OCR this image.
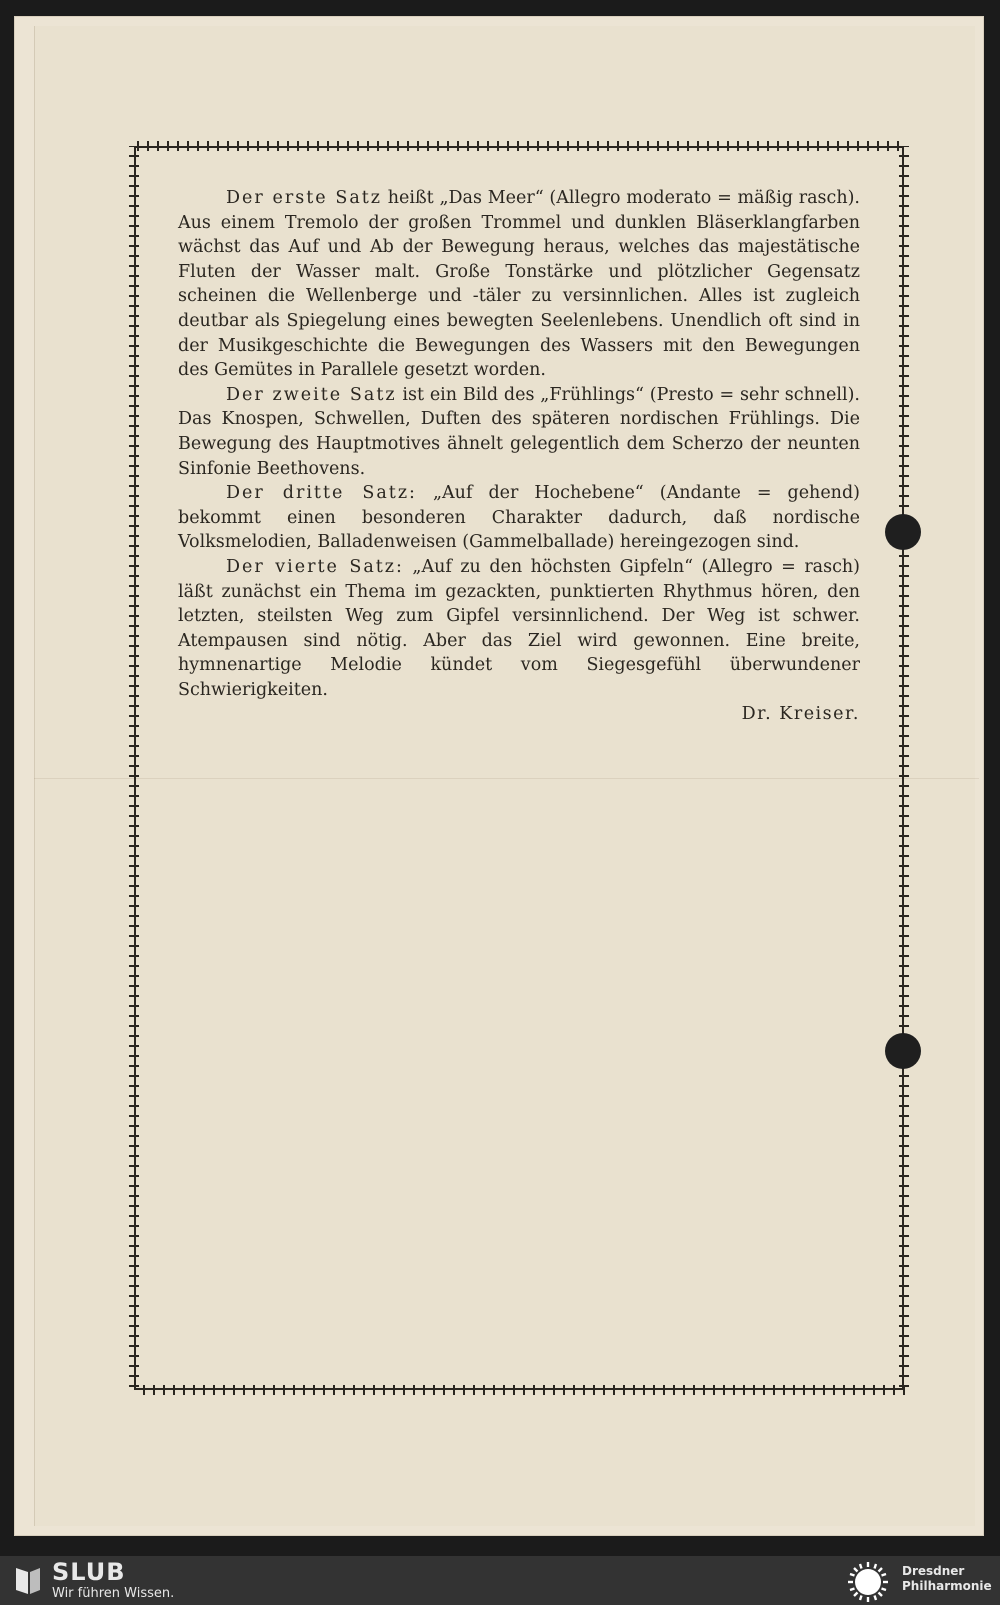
Der erste Satz heißt „Das Meer“ (Allegro moderato = mäßig rasch). Aus einem Tremolo der großen Trommel und dunklen Bläserklangfarben wächst das Auf und Ab der Bewegung heraus, welches das majestätische Fluten der Wasser malt. Große Tonstärke und plötzlicher Gegensatz scheinen die Wellenberge und -täler zu versinnlichen. Alles ist zugleich deutbar als Spiegelung eines bewegten Seelenlebens. Unendlich oft sind in der Musikgeschichte die Bewegungen des Wassers mit den Bewegungen des Gemütes in Parallele gesetzt worden.

Der zweite Satz ist ein Bild des „Frühlings“ (Presto = sehr schnell). Das Knospen, Schwellen, Duften des späteren nordischen Frühlings. Die Bewegung des Hauptmotives ähnelt gelegentlich dem Scherzo der neunten Sinfonie Beethovens.

Der dritte Satz: „Auf der Hochebene“ (Andante = gehend) bekommt einen besonderen Charakter dadurch, daß nordische Volksmelodien, Balladenweisen (Gammelballade) hereingezogen sind.

Der vierte Satz: „Auf zu den höchsten Gipfeln“ (Allegro = rasch) läßt zunächst ein Thema im gezackten, punktierten Rhythmus hören, den letzten, steilsten Weg zum Gipfel versinnlichend. Der Weg ist schwer. Atempausen sind nötig. Aber das Ziel wird gewonnen. Eine breite, hymnenartige Melodie kündet vom Siegesgefühl überwundener Schwierigkeiten.

Dr. Kreiser.

SLUB
Wir führen Wissen.
Dresdner
Philharmonie
